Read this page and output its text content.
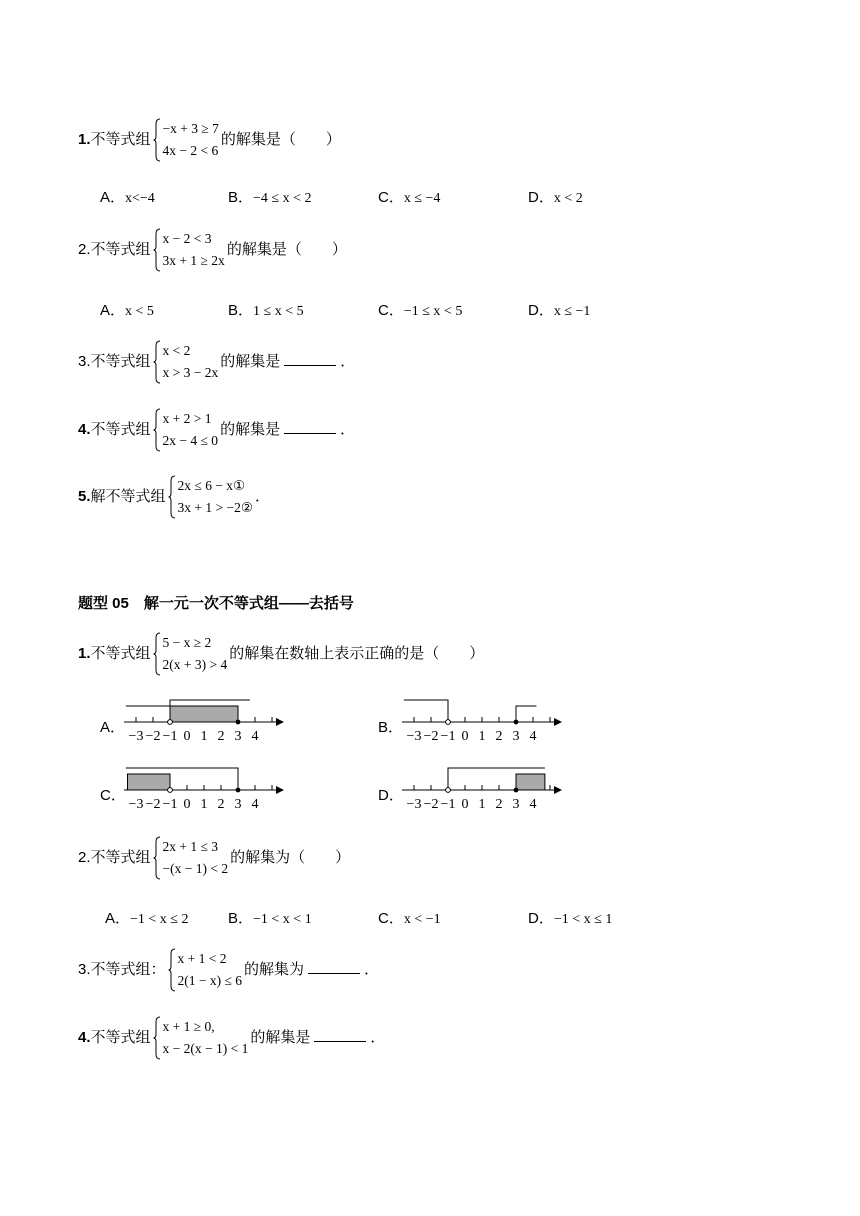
1.不等式组
−x + 3 ≥ 7
4x − 2 < 6
的解集是（　　）
A．x<−4	B．−4 ≤ x < 2	C．x ≤ −4	D．x < 2
2.不等式组
x − 2 < 3
3x + 1 ≥ 2x
的解集是（　　）
A．x < 5	B．1 ≤ x < 5	C．−1 ≤ x < 5	D．x ≤ −1
3.不等式组
x < 2
x > 3 − 2x
的解集是	．
4.不等式组
x + 2 > 1
2x − 4 ≤ 0
的解集是	．
5.解不等式组
2x ≤ 6 − x①
3x + 1 > −2②
．
题型 05　解一元一次不等式组——去括号
1.不等式组
5 − x ≥ 2
2(x + 3) > 4
的解集在数轴上表示正确的是（　　）
A．
−3 −2 −1 0 1 2 3 4
B．
−3 −2 −1 0 1 2 3 4
C．
−3 −2 −1 0 1 2 3 4
D．
−3 −2 −1 0 1 2 3 4
2.不等式组
2x + 1 ≤ 3
−(x − 1) < 2
的解集为（　　）
A．−1 < x ≤ 2	B．−1 < x < 1	C．x < −1	D．−1 < x ≤ 1
3.不等式组：
x + 1 < 2
2(1 − x) ≤ 6
的解集为	．
4.不等式组
x + 1 ≥ 0,
x − 2(x − 1) < 1
的解集是	．
